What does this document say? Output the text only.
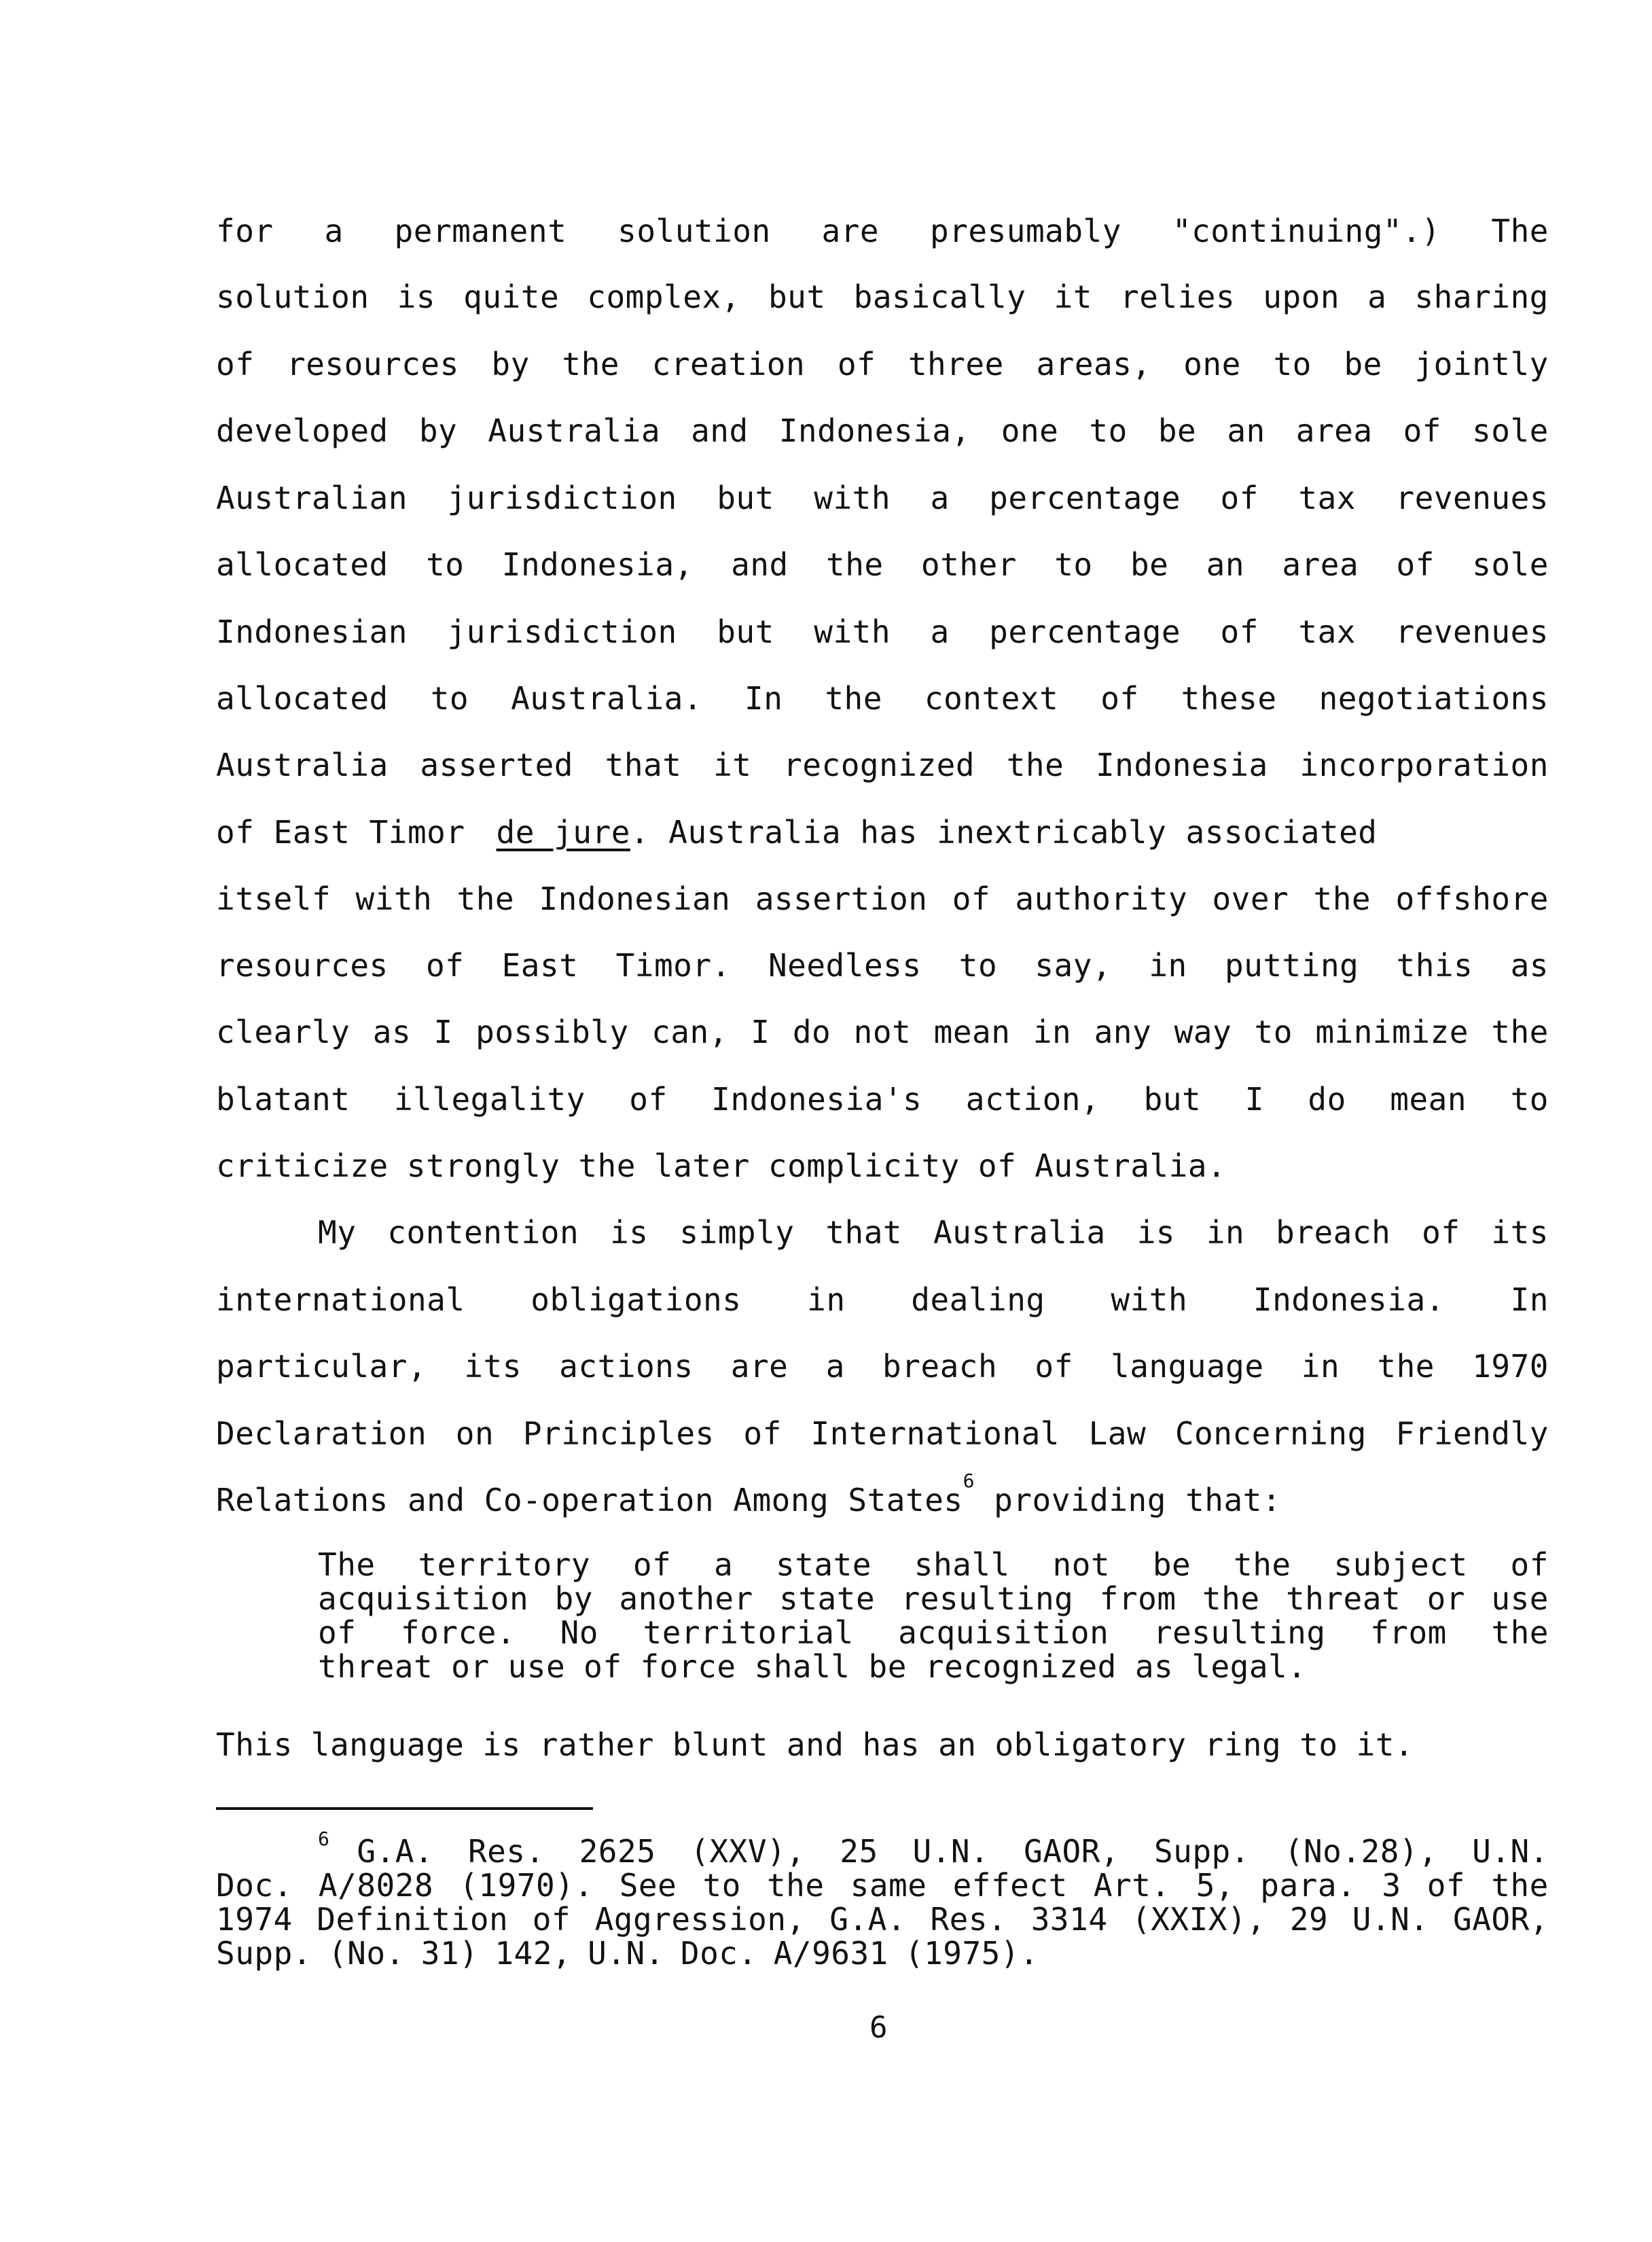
for a permanent solution are presumably "continuing".) The
solution is quite complex, but basically it relies upon a sharing
of resources by the creation of three areas, one to be jointly
developed by Australia and Indonesia, one to be an area of sole
Australian jurisdiction but with a percentage of tax revenues
allocated to Indonesia, and the other to be an area of sole
Indonesian jurisdiction but with a percentage of tax revenues
allocated to Australia. In the context of these negotiations
Australia asserted that it recognized the Indonesia incorporation
of East Timor de jure . Australia has inextricably associated
itself with the Indonesian assertion of authority over the offshore
resources of East Timor. Needless to say, in putting this as
clearly as I possibly can, I do not mean in any way to minimize the
blatant illegality of Indonesia's action, but I do mean to
criticize strongly the later complicity of Australia.
My contention is simply that Australia is in breach of its
international obligations in dealing with Indonesia. In
particular, its actions are a breach of language in the 1970
Declaration on Principles of International Law Concerning Friendly
Relations and Co-operation Among States
6
providing that:
The territory of a state shall not be the subject of
acquisition by another state resulting from the threat or use
of force. No territorial acquisition resulting from the
threat or use of force shall be recognized as legal.
This language is rather blunt and has an obligatory ring to it.
6 G.A. Res. 2625 (XXV), 25 U.N. GAOR, Supp. (No.28), U.N.
Doc. A/8028 (1970). See to the same effect Art. 5, para. 3 of the
1974 Definition of Aggression, G.A. Res. 3314 (XXIX), 29 U.N. GAOR,
Supp. (No. 31) 142, U.N. Doc. A/9631 (1975).
6
